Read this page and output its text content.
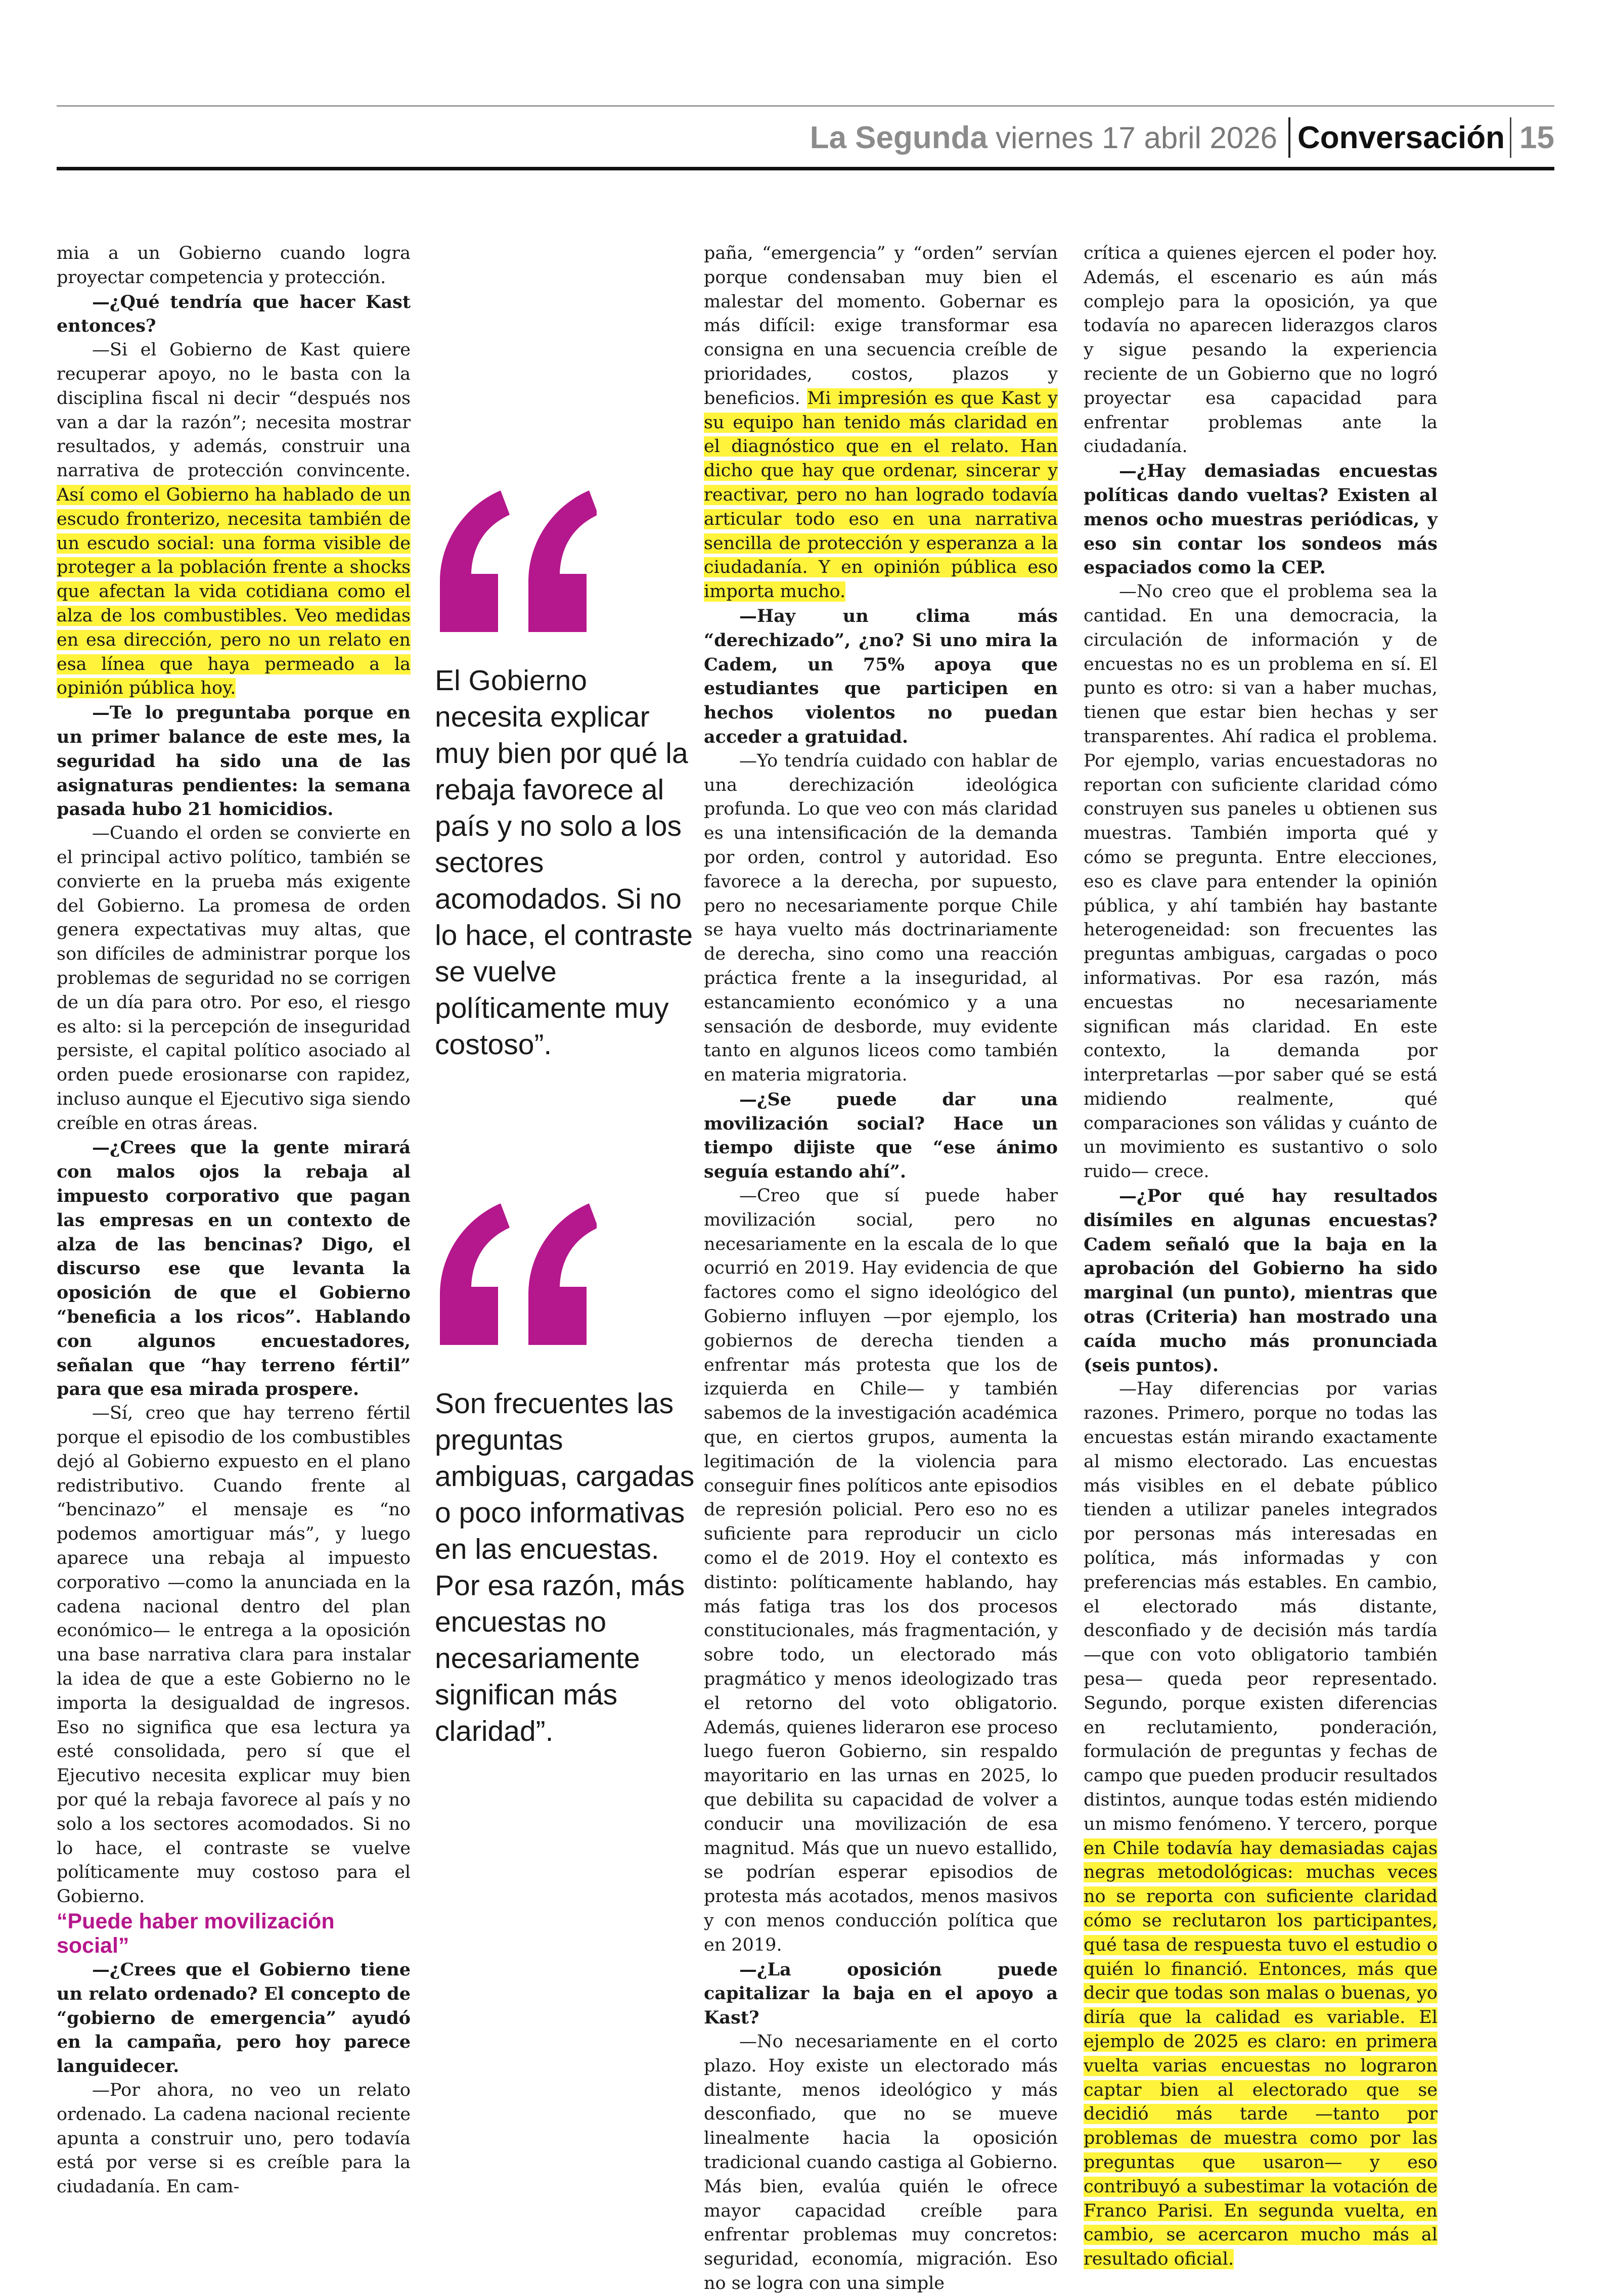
La Segunda viernes 17 abril 2026 Conversación 15

mia a un Gobierno cuando logra proyectar competencia y protección.

—¿Qué tendría que hacer Kast entonces?

—Si el Gobierno de Kast quiere recuperar apoyo, no le basta con la disciplina fiscal ni decir “después nos van a dar la razón”; necesita mostrar resultados, y además, construir una narrativa de protección convincente. Así como el Gobierno ha hablado de un escudo fronterizo, necesita también de un escudo social: una forma visible de proteger a la población frente a shocks que afectan la vida cotidiana como el alza de los combustibles. Veo medidas en esa dirección, pero no un relato en esa línea que haya permeado a la opinión pública hoy.

—Te lo preguntaba porque en un primer balance de este mes, la seguridad ha sido una de las asignaturas pendientes: la semana pasada hubo 21 homicidios.

—Cuando el orden se convierte en el principal activo político, también se convierte en la prueba más exigente del Gobierno. La promesa de orden genera expectativas muy altas, que son difíciles de administrar porque los problemas de seguridad no se corrigen de un día para otro. Por eso, el riesgo es alto: si la percepción de inseguridad persiste, el capital político asociado al orden puede erosionarse con rapidez, incluso aunque el Ejecutivo siga siendo creíble en otras áreas.

—¿Crees que la gente mirará con malos ojos la rebaja al impuesto corporativo que pagan las empresas en un contexto de alza de las bencinas? Digo, el discurso ese que levanta la oposición de que el Gobierno “beneficia a los ricos”. Hablando con algunos encuestadores, señalan que “hay terreno fértil” para que esa mirada prospere.

—Sí, creo que hay terreno fértil porque el episodio de los combustibles dejó al Gobierno expuesto en el plano redistributivo. Cuando frente al “bencinazo” el mensaje es “no podemos amortiguar más”, y luego aparece una rebaja al impuesto corporativo —como la anunciada en la cadena nacional dentro del plan económico— le entrega a la oposición una base narrativa clara para instalar la idea de que a este Gobierno no le importa la desigualdad de ingresos. Eso no significa que esa lectura ya esté consolidada, pero sí que el Ejecutivo necesita explicar muy bien por qué la rebaja favorece al país y no solo a los sectores acomodados. Si no lo hace, el contraste se vuelve políticamente muy costoso para el Gobierno.

“Puede haber movilización social”

—¿Crees que el Gobierno tiene un relato ordenado? El concepto de “gobierno de emergencia” ayudó en la campaña, pero hoy parece languidecer.

—Por ahora, no veo un relato ordenado. La cadena nacional reciente apunta a construir uno, pero todavía está por verse si es creíble para la ciudadanía. En cam-

El Gobierno necesita explicar muy bien por qué la rebaja favorece al país y no solo a los sectores acomodados. Si no lo hace, el contraste se vuelve políticamente muy costoso”.

Son frecuentes las preguntas ambiguas, cargadas o poco informativas en las encuestas. Por esa razón, más encuestas no necesariamente significan más claridad”.

paña, “emergencia” y “orden” servían porque condensaban muy bien el malestar del momento. Gobernar es más difícil: exige transformar esa consigna en una secuencia creíble de prioridades, costos, plazos y beneficios. Mi impresión es que Kast y su equipo han tenido más claridad en el diagnóstico que en el relato. Han dicho que hay que ordenar, sincerar y reactivar, pero no han logrado todavía articular todo eso en una narrativa sencilla de protección y esperanza a la ciudadanía. Y en opinión pública eso importa mucho.

—Hay un clima más “derechizado”, ¿no? Si uno mira la Cadem, un 75% apoya que estudiantes que participen en hechos violentos no puedan acceder a gratuidad.

—Yo tendría cuidado con hablar de una derechización ideológica profunda. Lo que veo con más claridad es una intensificación de la demanda por orden, control y autoridad. Eso favorece a la derecha, por supuesto, pero no necesariamente porque Chile se haya vuelto más doctrinariamente de derecha, sino como una reacción práctica frente a la inseguridad, al estancamiento económico y a una sensación de desborde, muy evidente tanto en algunos liceos como también en materia migratoria.

—¿Se puede dar una movilización social? Hace un tiempo dijiste que “ese ánimo seguía estando ahí”.

—Creo que sí puede haber movilización social, pero no necesariamente en la escala de lo que ocurrió en 2019. Hay evidencia de que factores como el signo ideológico del Gobierno influyen —por ejemplo, los gobiernos de derecha tienden a enfrentar más protesta que los de izquierda en Chile— y también sabemos de la investigación académica que, en ciertos grupos, aumenta la legitimación de la violencia para conseguir fines políticos ante episodios de represión policial. Pero eso no es suficiente para reproducir un ciclo como el de 2019. Hoy el contexto es distinto: políticamente hablando, hay más fatiga tras los dos procesos constitucionales, más fragmentación, y sobre todo, un electorado más pragmático y menos ideologizado tras el retorno del voto obligatorio. Además, quienes lideraron ese proceso luego fueron Gobierno, sin respaldo mayoritario en las urnas en 2025, lo que debilita su capacidad de volver a conducir una movilización de esa magnitud. Más que un nuevo estallido, se podrían esperar episodios de protesta más acotados, menos masivos y con menos conducción política que en 2019.

—¿La oposición puede capitalizar la baja en el apoyo a Kast?

—No necesariamente en el corto plazo. Hoy existe un electorado más distante, menos ideológico y más desconfiado, que no se mueve linealmente hacia la oposición tradicional cuando castiga al Gobierno. Más bien, evalúa quién le ofrece mayor capacidad creíble para enfrentar problemas muy concretos: seguridad, economía, migración. Eso no se logra con una simple

crítica a quienes ejercen el poder hoy. Además, el escenario es aún más complejo para la oposición, ya que todavía no aparecen liderazgos claros y sigue pesando la experiencia reciente de un Gobierno que no logró proyectar esa capacidad para enfrentar problemas ante la ciudadanía.

—¿Hay demasiadas encuestas políticas dando vueltas? Existen al menos ocho muestras periódicas, y eso sin contar los sondeos más espaciados como la CEP.

—No creo que el problema sea la cantidad. En una democracia, la circulación de información y de encuestas no es un problema en sí. El punto es otro: si van a haber muchas, tienen que estar bien hechas y ser transparentes. Ahí radica el problema. Por ejemplo, varias encuestadoras no reportan con suficiente claridad cómo construyen sus paneles u obtienen sus muestras. También importa qué y cómo se pregunta. Entre elecciones, eso es clave para entender la opinión pública, y ahí también hay bastante heterogeneidad: son frecuentes las preguntas ambiguas, cargadas o poco informativas. Por esa razón, más encuestas no necesariamente significan más claridad. En este contexto, la demanda por interpretarlas —por saber qué se está midiendo realmente, qué comparaciones son válidas y cuánto de un movimiento es sustantivo o solo ruido— crece.

—¿Por qué hay resultados disímiles en algunas encuestas? Cadem señaló que la baja en la aprobación del Gobierno ha sido marginal (un punto), mientras que otras (Criteria) han mostrado una caída mucho más pronunciada (seis puntos).

—Hay diferencias por varias razones. Primero, porque no todas las encuestas están mirando exactamente al mismo electorado. Las encuestas más visibles en el debate público tienden a utilizar paneles integrados por personas más interesadas en política, más informadas y con preferencias más estables. En cambio, el electorado más distante, desconfiado y de decisión más tardía —que con voto obligatorio también pesa— queda peor representado. Segundo, porque existen diferencias en reclutamiento, ponderación, formulación de preguntas y fechas de campo que pueden producir resultados distintos, aunque todas estén midiendo un mismo fenómeno. Y tercero, porque en Chile todavía hay demasiadas cajas negras metodológicas: muchas veces no se reporta con suficiente claridad cómo se reclutaron los participantes, qué tasa de respuesta tuvo el estudio o quién lo financió. Entonces, más que decir que todas son malas o buenas, yo diría que la calidad es variable. El ejemplo de 2025 es claro: en primera vuelta varias encuestas no lograron captar bien al electorado que se decidió más tarde —tanto por problemas de muestra como por las preguntas que usaron— y eso contribuyó a subestimar la votación de Franco Parisi. En segunda vuelta, en cambio, se acercaron mucho más al resultado oficial.
